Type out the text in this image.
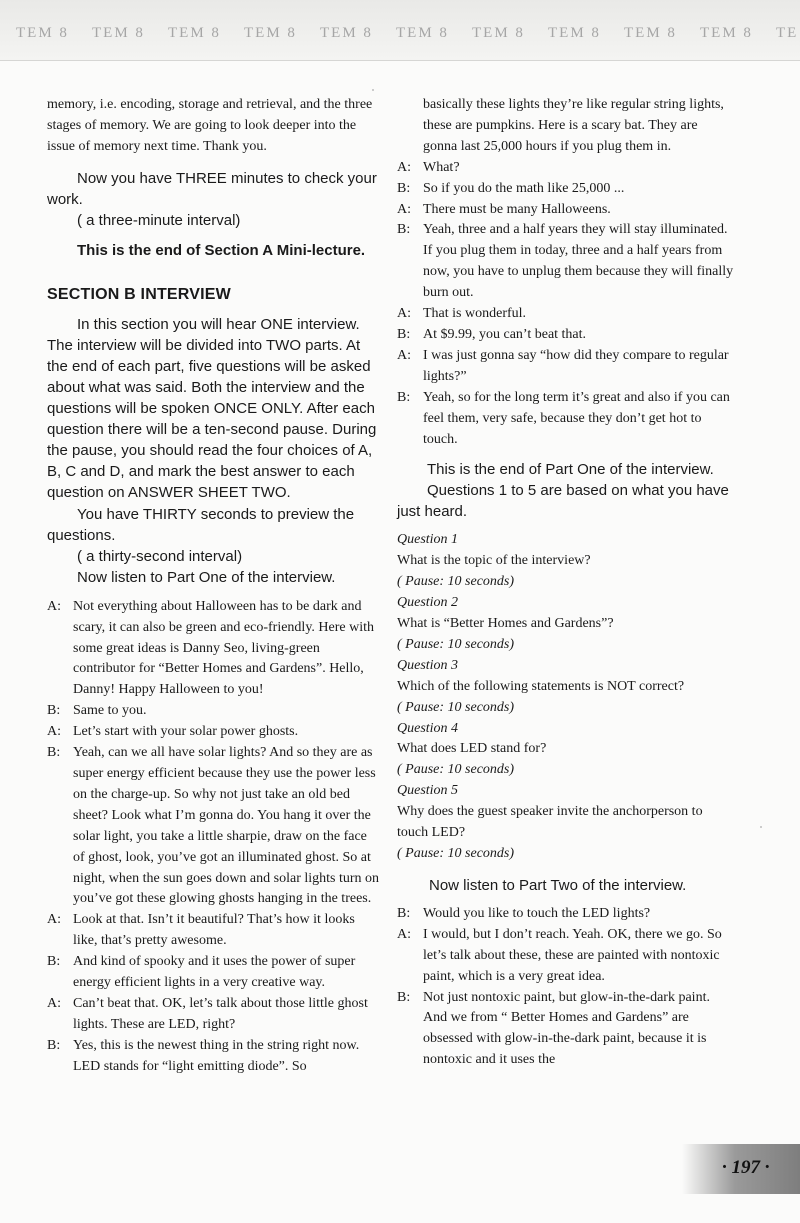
TEM 8 TEM 8 TEM 8 TEM 8 TEM 8 TEM 8 TEM 8 TEM 8 TEM 8 TEM 8 TE

memory, i.e. encoding, storage and retrieval, and the three stages of memory. We are going to look deeper into the issue of memory next time. Thank you.

Now you have THREE minutes to check your work.

( a three-minute interval)

This is the end of Section A Mini-lecture.

SECTION B INTERVIEW

In this section you will hear ONE interview. The interview will be divided into TWO parts. At the end of each part, five questions will be asked about what was said. Both the interview and the questions will be spoken ONCE ONLY. After each question there will be a ten-second pause. During the pause, you should read the four choices of A, B, C and D, and mark the best answer to each question on ANSWER SHEET TWO.

You have THIRTY seconds to preview the questions.

( a thirty-second interval)

Now listen to Part One of the interview.

A: Not everything about Halloween has to be dark and scary, it can also be green and eco-friendly. Here with some great ideas is Danny Seo, living-green contributor for “Better Homes and Gardens”. Hello, Danny! Happy Halloween to you!
B: Same to you.
A: Let’s start with your solar power ghosts.
B: Yeah, can we all have solar lights? And so they are as super energy efficient because they use the power less on the charge-up. So why not just take an old bed sheet? Look what I’m gonna do. You hang it over the solar light, you take a little sharpie, draw on the face of ghost, look, you’ve got an illuminated ghost. So at night, when the sun goes down and solar lights turn on you’ve got these glowing ghosts hanging in the trees.
A: Look at that. Isn’t it beautiful? That’s how it looks like, that’s pretty awesome.
B: And kind of spooky and it uses the power of super energy efficient lights in a very creative way.
A: Can’t beat that. OK, let’s talk about those little ghost lights. These are LED, right?
B: Yes, this is the newest thing in the string right now. LED stands for “light emitting diode”. So

basically these lights they’re like regular string lights, these are pumpkins. Here is a scary bat. They are gonna last 25,000 hours if you plug them in.

A: What?
B: So if you do the math like 25,000 ...
A: There must be many Halloweens.
B: Yeah, three and a half years they will stay illuminated. If you plug them in today, three and a half years from now, you have to unplug them because they will finally burn out.
A: That is wonderful.
B: At $9.99, you can’t beat that.
A: I was just gonna say “how did they compare to regular lights?”
B: Yeah, so for the long term it’s great and also if you can feel them, very safe, because they don’t get hot to touch.

This is the end of Part One of the interview.

Questions 1 to 5 are based on what you have just heard.

Question 1

What is the topic of the interview?

( Pause: 10 seconds)

Question 2

What is “Better Homes and Gardens”?

( Pause: 10 seconds)

Question 3

Which of the following statements is NOT correct?

( Pause: 10 seconds)

Question 4

What does LED stand for?

( Pause: 10 seconds)

Question 5

Why does the guest speaker invite the anchorperson to touch LED?

( Pause: 10 seconds)

Now listen to Part Two of the interview.

B: Would you like to touch the LED lights?
A: I would, but I don’t reach. Yeah. OK, there we go. So let’s talk about these, these are painted with nontoxic paint, which is a very great idea.
B: Not just nontoxic paint, but glow-in-the-dark paint. And we from “ Better Homes and Gardens” are obsessed with glow-in-the-dark paint, because it is nontoxic and it uses the
· 197 ·
